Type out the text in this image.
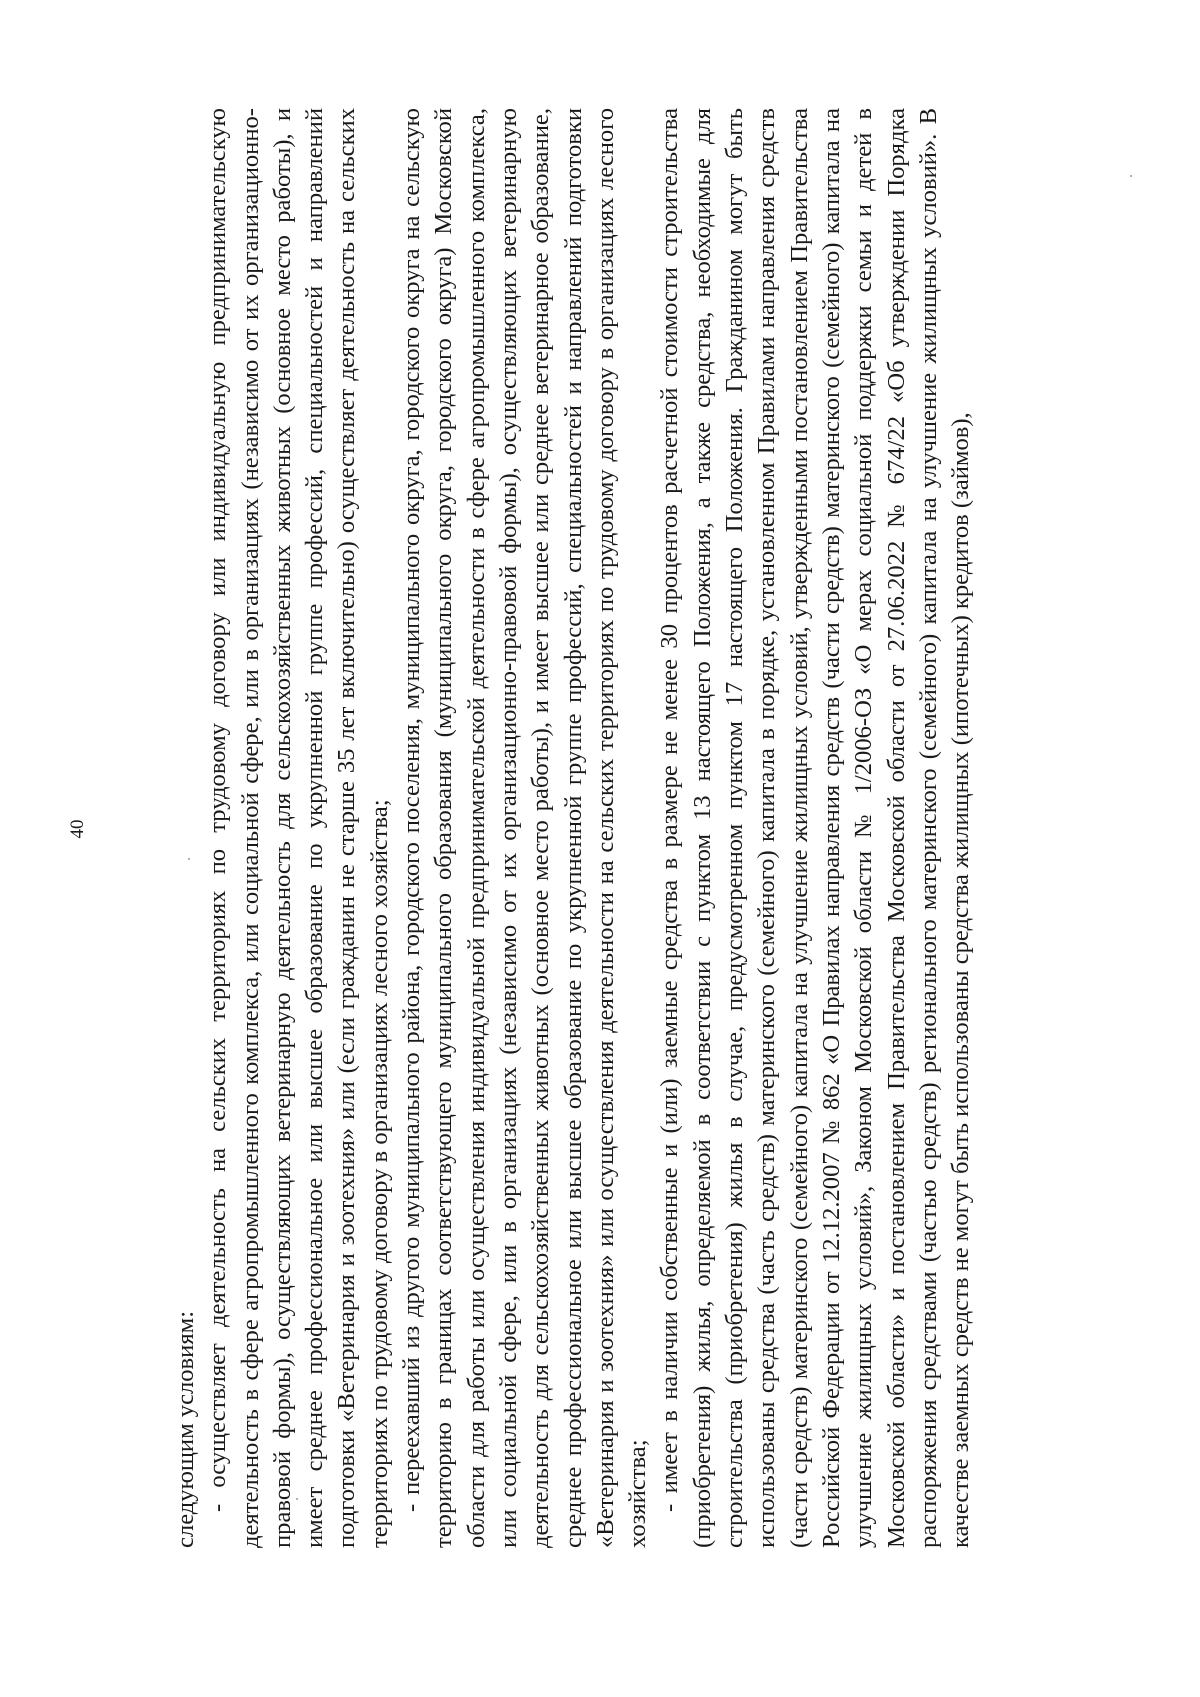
40

следующим условиям: - осуществляет деятельность на сельских территориях по трудовому договору или индивидуальную предпринимательскую деятельность в сфере агропромышленного комплекса, или социальной сфере, или в организациях (независимо от их организационно-правовой формы), осуществляющих ветеринарную деятельность для сельскохозяйственных животных (основное место работы), и имеет среднее профессиональное или высшее образование по укрупненной группе профессий, специальностей и направлений подготовки «Ветеринария и зоотехния» или (если гражданин не старше 35 лет включительно) осуществляет деятельность на сельских территориях по трудовому договору в организациях лесного хозяйства; - переехавший из другого муниципального района, городского поселения, муниципального округа, городского округа на сельскую территорию в границах соответствующего муниципального образования (муниципального округа, городского округа) Московской области для работы или осуществления индивидуальной предпринимательской деятельности в сфере агропромышленного комплекса, или социальной сфере, или в организациях (независимо от их организационно-правовой формы), осуществляющих ветеринарную деятельность для сельскохозяйственных животных (основное место работы), и имеет высшее или среднее ветеринарное образование, среднее профессиональное или высшее образование по укрупненной группе профессий, специальностей и направлений подготовки «Ветеринария и зоотехния» или осуществления деятельности на сельских территориях по трудовому договору в организациях лесного хозяйства; - имеет в наличии собственные и (или) заемные средства в размере не менее 30 процентов расчетной стоимости строительства (приобретения) жилья, определяемой в соответствии с пунктом 13 настоящего Положения, а также средства, необходимые для строительства (приобретения) жилья в случае, предусмотренном пунктом 17 настоящего Положения. Гражданином могут быть использованы средства (часть средств) материнского (семейного) капитала в порядке, установленном Правилами направления средств (части средств) материнского (семейного) капитала на улучшение жилищных условий, утвержденными постановлением Правительства Российской Федерации от 12.12.2007 № 862 «О Правилах направления средств (части средств) материнского (семейного) капитала на улучшение жилищных условий», Законом Московской области № 1/2006-ОЗ «О мерах социальной поддержки семьи и детей в Московской области» и постановлением Правительства Московской области от 27.06.2022 № 674/22 «Об утверждении Порядка распоряжения средствами (частью средств) регионального материнского (семейного) капитала на улучшение жилищных условий». В качестве заемных средств не могут быть использованы средства жилищных (ипотечных) кредитов (займов),
